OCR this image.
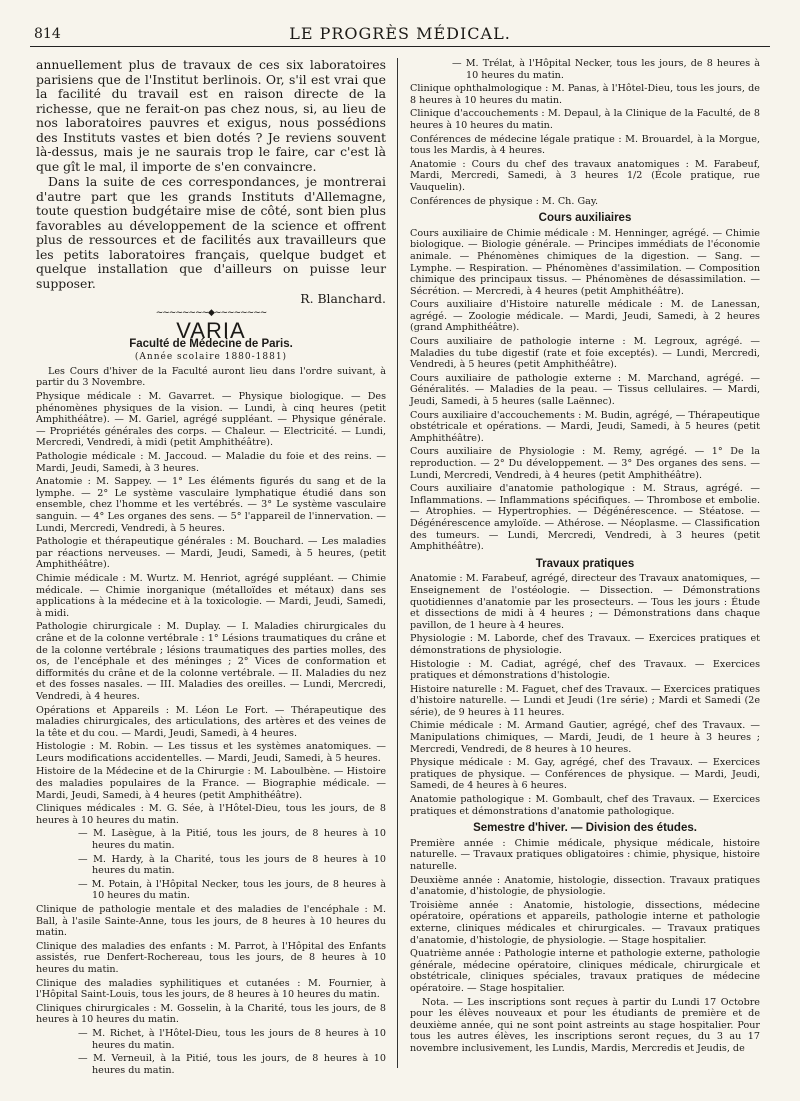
814	LE PROGRÈS MÉDICAL.

annuellement plus de travaux de ces six laboratoires parisiens que de l'Institut berlinois. Or, s'il est vrai que la facilité du travail est en raison directe de la richesse, que ne ferait-on pas chez nous, si, au lieu de nos laboratoires pauvres et exigus, nous possédions des Instituts vastes et bien dotés ? Je reviens souvent là-dessus, mais je ne saurais trop le faire, car c'est là que gît le mal, il importe de s'en convaincre.

Dans la suite de ces correspondances, je montrerai d'autre part que les grands Instituts d'Allemagne, toute question budgétaire mise de côté, sont bien plus favorables au développement de la science et offrent plus de ressources et de facilités aux travailleurs que les petits laboratoires français, quelque budget et quelque installation que d'ailleurs on puisse leur supposer.

R. Blanchard.

~~~~~~~~◆~~~~~~~~
VARIA
Faculté de Médecine de Paris.
(Année scolaire 1880-1881)

Les Cours d'hiver de la Faculté auront lieu dans l'ordre suivant, à partir du 3 Novembre.

Physique médicale : M. Gavarret. — Physique biologique. — Des phénomènes physiques de la vision. — Lundi, à cinq heures (petit Amphithéâtre). — M. Gariel, agrégé suppléant. — Physique générale. — Propriétés générales des corps. — Chaleur. — Electricité. — Lundi, Mercredi, Vendredi, à midi (petit Amphithéâtre).

Pathologie médicale : M. Jaccoud. — Maladie du foie et des reins. — Mardi, Jeudi, Samedi, à 3 heures.

Anatomie : M. Sappey. — 1° Les éléments figurés du sang et de la lymphe. — 2° Le système vasculaire lymphatique étudié dans son ensemble, chez l'homme et les vertébrés. — 3° Le système vasculaire sanguin. — 4° Les organes des sens. — 5° l'appareil de l'innervation. — Lundi, Mercredi, Vendredi, à 5 heures.

Pathologie et thérapeutique générales : M. Bouchard. — Les maladies par réactions nerveuses. — Mardi, Jeudi, Samedi, à 5 heures, (petit Amphithéâtre).

Chimie médicale : M. Wurtz. M. Henriot, agrégé suppléant. — Chimie médicale. — Chimie inorganique (métalloïdes et métaux) dans ses applications à la médecine et à la toxicologie. — Mardi, Jeudi, Samedi, à midi.

Pathologie chirurgicale : M. Duplay. — I. Maladies chirurgicales du crâne et de la colonne vertébrale : 1° Lésions traumatiques du crâne et de la colonne vertébrale ; lésions traumatiques des parties molles, des os, de l'encéphale et des méninges ; 2° Vices de conformation et difformités du crâne et de la colonne vertébrale. — II. Maladies du nez et des fosses nasales. — III. Maladies des oreilles. — Lundi, Mercredi, Vendredi, à 4 heures.

Opérations et Appareils : M. Léon Le Fort. — Thérapeutique des maladies chirurgicales, des articulations, des artères et des veines de la tête et du cou. — Mardi, Jeudi, Samedi, à 4 heures.

Histologie : M. Robin. — Les tissus et les systèmes anatomiques. — Leurs modifications accidentelles. — Mardi, Jeudi, Samedi, à 5 heures.

Histoire de la Médecine et de la Chirurgie : M. Laboulbène. — Histoire des maladies populaires de la France. — Biographie médicale. — Mardi, Jeudi, Samedi, à 4 heures (petit Amphithéâtre).

Cliniques médicales : M. G. Sée, à l'Hôtel-Dieu, tous les jours, de 8 heures à 10 heures du matin.

— M. Lasègue, à la Pitié, tous les jours, de 8 heures à 10 heures du matin.

— M. Hardy, à la Charité, tous les jours de 8 heures à 10 heures du matin.

— M. Potain, à l'Hôpital Necker, tous les jours, de 8 heures à 10 heures du matin.

Clinique de pathologie mentale et des maladies de l'encéphale : M. Ball, à l'asile Sainte-Anne, tous les jours, de 8 heures à 10 heures du matin.

Clinique des maladies des enfants : M. Parrot, à l'Hôpital des Enfants assistés, rue Denfert-Rochereau, tous les jours, de 8 heures à 10 heures du matin.

Clinique des maladies syphilitiques et cutanées : M. Fournier, à l'Hôpital Saint-Louis, tous les jours, de 8 heures à 10 heures du matin.

Cliniques chirurgicales : M. Gosselin, à la Charité, tous les jours, de 8 heures à 10 heures du matin.

— M. Richet, à l'Hôtel-Dieu, tous les jours de 8 heures à 10 heures du matin.

— M. Verneuil, à la Pitié, tous les jours, de 8 heures à 10 heures du matin.

— M. Trélat, à l'Hôpital Necker, tous les jours, de 8 heures à 10 heures du matin.

Clinique ophthalmologique : M. Panas, à l'Hôtel-Dieu, tous les jours, de 8 heures à 10 heures du matin.

Clinique d'accouchements : M. Depaul, à la Clinique de la Faculté, de 8 heures à 10 heures du matin.

Conférences de médecine légale pratique : M. Brouardel, à la Morgue, tous les Mardis, à 4 heures.

Anatomie : Cours du chef des travaux anatomiques : M. Farabeuf, Mardi, Mercredi, Samedi, à 3 heures 1/2 (École pratique, rue Vauquelin).

Conférences de physique : M. Ch. Gay.

Cours auxiliaires

Cours auxiliaire de Chimie médicale : M. Henninger, agrégé. — Chimie biologique. — Biologie générale. — Principes immédiats de l'économie animale. — Phénomènes chimiques de la digestion. — Sang. — Lymphe. — Respiration. — Phénomènes d'assimilation. — Composition chimique des principaux tissus. — Phénomènes de désassimilation. — Sécrétion. — Mercredi, à 4 heures (petit Amphithéâtre).

Cours auxiliaire d'Histoire naturelle médicale : M. de Lanessan, agrégé. — Zoologie médicale. — Mardi, Jeudi, Samedi, à 2 heures (grand Amphithéâtre).

Cours auxiliaire de pathologie interne : M. Legroux, agrégé. — Maladies du tube digestif (rate et foie exceptés). — Lundi, Mercredi, Vendredi, à 5 heures (petit Amphithéâtre).

Cours auxiliaire de pathologie externe : M. Marchand, agrégé. — Généralités. — Maladies de la peau. — Tissus cellulaires. — Mardi, Jeudi, Samedi, à 5 heures (salle Laënnec).

Cours auxiliaire d'accouchements : M. Budin, agrégé, — Thérapeutique obstétricale et opérations. — Mardi, Jeudi, Samedi, à 5 heures (petit Amphithéâtre).

Cours auxiliaire de Physiologie : M. Remy, agrégé. — 1° De la reproduction. — 2° Du développement. — 3° Des organes des sens. — Lundi, Mercredi, Vendredi, à 4 heures (petit Amphithéâtre).

Cours auxiliaire d'anatomie pathologique : M. Straus, agrégé. — Inflammations. — Inflammations spécifiques. — Thrombose et embolie. — Atrophies. — Hypertrophies. — Dégénérescence. — Stéatose. — Dégénérescence amyloïde. — Athérose. — Néoplasme. — Classification des tumeurs. — Lundi, Mercredi, Vendredi, à 3 heures (petit Amphithéâtre).

Travaux pratiques

Anatomie : M. Farabeuf, agrégé, directeur des Travaux anatomiques, — Enseignement de l'ostéologie. — Dissection. — Démonstrations quotidiennes d'anatomie par les prosecteurs. — Tous les jours : Étude et dissections de midi à 4 heures ; — Démonstrations dans chaque pavillon, de 1 heure à 4 heures.

Physiologie : M. Laborde, chef des Travaux. — Exercices pratiques et démonstrations de physiologie.

Histologie : M. Cadiat, agrégé, chef des Travaux. — Exercices pratiques et démonstrations d'histologie.

Histoire naturelle : M. Faguet, chef des Travaux. — Exercices pratiques d'histoire naturelle. — Lundi et Jeudi (1re série) ; Mardi et Samedi (2e série), de 9 heures à 11 heures.

Chimie médicale : M. Armand Gautier, agrégé, chef des Travaux. — Manipulations chimiques, — Mardi, Jeudi, de 1 heure à 3 heures ; Mercredi, Vendredi, de 8 heures à 10 heures.

Physique médicale : M. Gay, agrégé, chef des Travaux. — Exercices pratiques de physique. — Conférences de physique. — Mardi, Jeudi, Samedi, de 4 heures à 6 heures.

Anatomie pathologique : M. Gombault, chef des Travaux. — Exercices pratiques et démonstrations d'anatomie pathologique.

Semestre d'hiver. — Division des études.

Première année : Chimie médicale, physique médicale, histoire naturelle. — Travaux pratiques obligatoires : chimie, physique, histoire naturelle.

Deuxième année : Anatomie, histologie, dissection. Travaux pratiques d'anatomie, d'histologie, de physiologie.

Troisième année : Anatomie, histologie, dissections, médecine opératoire, opérations et appareils, pathologie interne et pathologie externe, cliniques médicales et chirurgicales. — Travaux pratiques d'anatomie, d'histologie, de physiologie. — Stage hospitalier.

Quatrième année : Pathologie interne et pathologie externe, pathologie générale, médecine opératoire, cliniques médicale, chirurgicale et obstétricale, cliniques spéciales, travaux pratiques de médecine opératoire. — Stage hospitalier.

Nota. — Les inscriptions sont reçues à partir du Lundi 17 Octobre pour les élèves nouveaux et pour les étudiants de première et de deuxième année, qui ne sont point astreints au stage hospitalier. Pour tous les autres élèves, les inscriptions seront reçues, du 3 au 17 novembre inclusivement, les Lundis, Mardis, Mercredis et Jeudis, de
